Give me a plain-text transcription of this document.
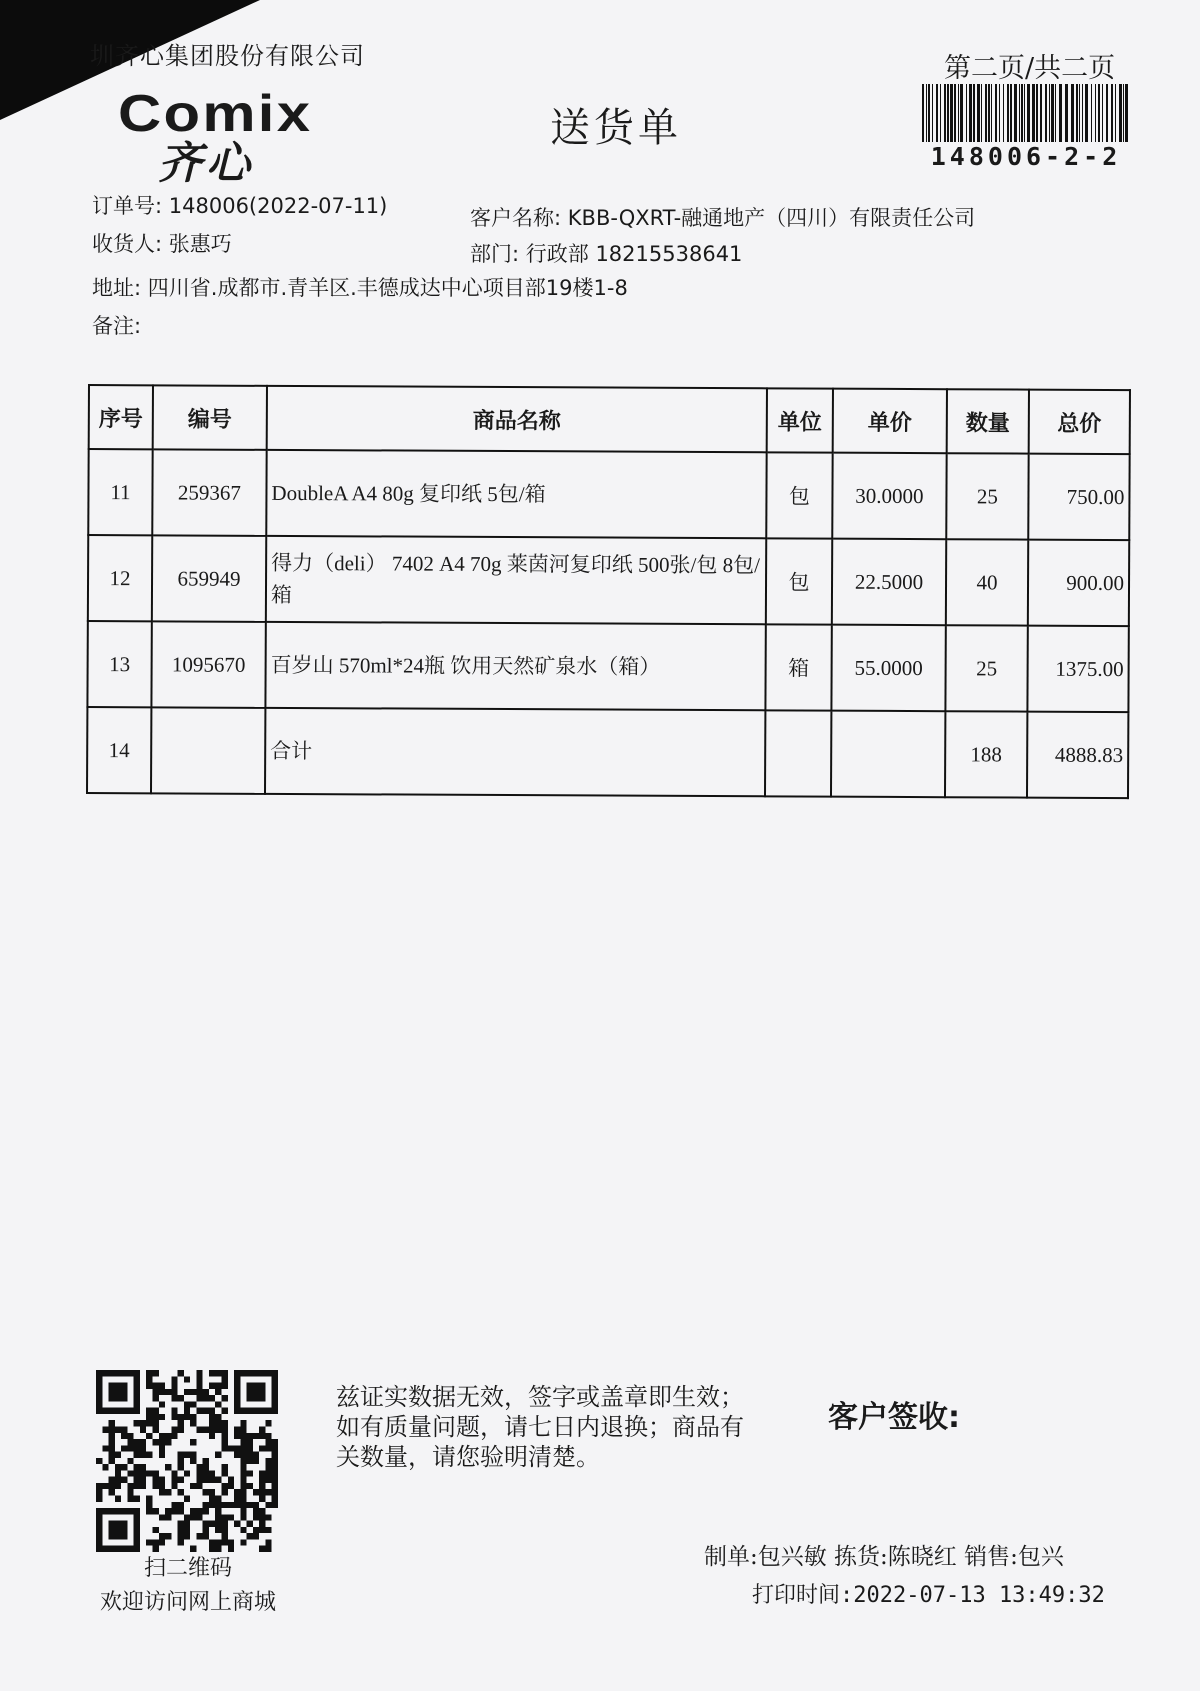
圳齐心集团股份有限公司
Comix
齐心
送货单
第二页/共二页
148006-2-2
订单号: 148006(2022-07-11)	客户名称: KBB-QXRT-融通地产（四川）有限责任公司
收货人: 张惠巧	部门: 行政部 18215538641
地址: 四川省.成都市.青羊区.丰德成达中心项目部19楼1-8
备注:
序号	编号	商品名称	单位	单价	数量	总价
11	259367	DoubleA A4 80g 复印纸 5包/箱	包	30.0000	25	750.00
12	659949	得力（deli） 7402 A4 70g 莱茵河复印纸 500张/包 8包/箱	包	22.5000	40	900.00
13	1095670	百岁山 570ml*24瓶 饮用天然矿泉水（箱）	箱	55.0000	25	1375.00
14		合计			188	4888.83
扫二维码
欢迎访问网上商城
兹证实数据无效，签字或盖章即生效；如有质量问题，请七日内退换；商品有关数量，请您验明清楚。
客户签收:
制单:包兴敏 拣货:陈晓红 销售:包兴
打印时间:2022-07-13 13:49:32
